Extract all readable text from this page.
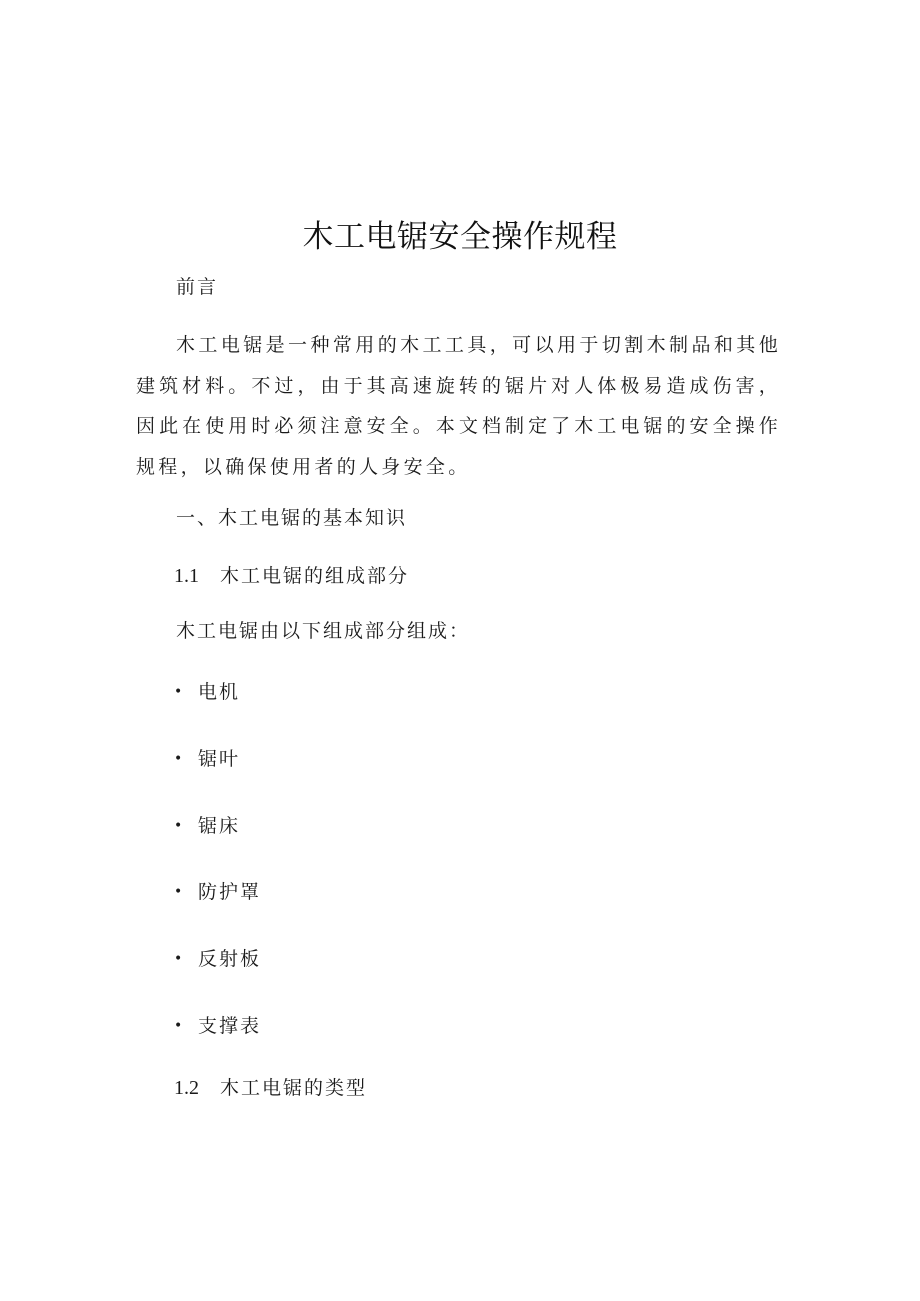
木工电锯安全操作规程

前言

木工电锯是一种常用的木工工具，可以用于切割木制品和其他建筑材料。不过，由于其高速旋转的锯片对人体极易造成伤害，因此在使用时必须注意安全。本文档制定了木工电锯的安全操作规程，以确保使用者的人身安全。

一、木工电锯的基本知识

1.1 木工电锯的组成部分

木工电锯由以下组成部分组成：

• 电机
• 锯叶
• 锯床
• 防护罩
• 反射板
• 支撑表

1.2 木工电锯的类型
